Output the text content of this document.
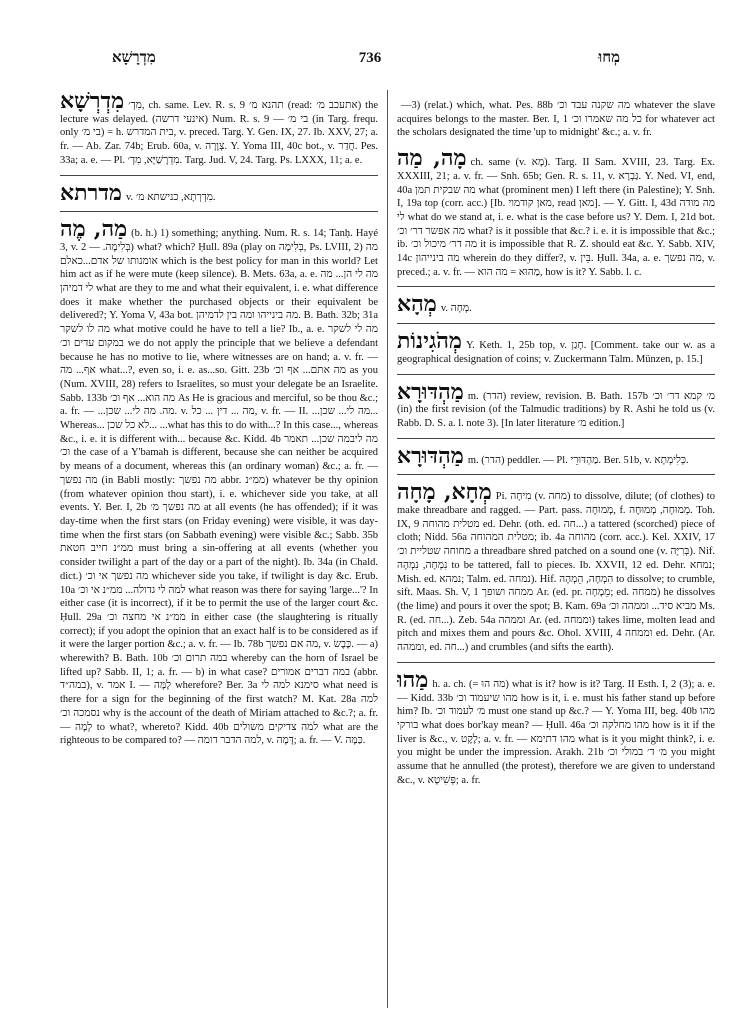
מִדְרָשָׁא	736	מְחוּ

מִדְרְשָׁא מִדְ׳, ch. same. Lev. R. s. 9 תהנא מ׳ (read: אתעכב מ׳) the lecture was delayed. (אינעי דרשה) Num. R. s. 9 — בי מ׳ (in Targ. frequ. only בי מ׳) = h. בית המדרש, v. preced. Targ. Y. Gen. IX, 27. Ib. XXV, 27; a. fr. — Ab. Zar. 74b; Erub. 60a, v. צְוָרָה. Y. Yoma III, 40c bot., v. חֲדַר. Pes. 33a; a. e. — Pl. מִדְרָשַׁיָּא, מִדְ׳. Targ. Jud. V, 24. Targ. Ps. LXXX, 11; a. e.

מדרתא v. מִדְרְתָא, כנישתא מ׳.

מַה, מֶה (b. h.) 1) something; anything. Num. R. s. 14; Tanḥ. Hayé 3, v. בְּלִימָה. — 2) what? which? Ḥull. 89a (play on בְּלִימָה, Ps. LVIII, 2) מה אומנותו של אדם...כאלם which is the best policy for man in this world? Let him act as if he were mute (keep silence). B. Mets. 63a, a. e. מה לי הן... מה לי דמיהן what are they to me and what their equivalent, i. e. what difference does it make whether the purchased objects or their equivalent be delivered?; Y. Yoma V, 43a bot. מה בינייהו ומה בין לדמיהן. B. Bath. 32b; 31a מה לו לשקר what motive could he have to tell a lie? Ib., a. e. מה לי לשקר במקום עדים וכ׳ we do not apply the principle that we believe a defendant because he has no motive to lie, where witnesses are on hand; a. v. fr. — אף... מה what...?, even so, i. e. as...so. Gitt. 23b מה אתם... אף וכ׳ as you (Num. XVIII, 28) refers to Israelites, so must your delegate be an Israelite. Sabb. 133b מה הוא... אף וכ׳ As He is gracious and merciful, so be thou &c.; a. fr. — ...מה. מה לי... שכן. v. מה ... דין ... כל, v. fr. — II. ...מה לי... שכן... Whereas... לא כל שכן... ...what has this to do with...? In this case..., whereas &c., i. e. it is different with... because &c. Kidd. 4b מה ליבמה שכן... תאמר וכ׳ the case of a Y'bamah is different, because she can neither be acquired by means of a document, whereas this (an ordinary woman) &c.; a. fr. — מה נפשך (in Babli mostly: מה נפשך abbr. ממ״נ) whatever be thy opinion (from whatever opinion thou start), i. e. whichever side you take, at all events. Y. Ber. I, 2b מה נפשך מ׳ at all events (he has offended); if it was day-time when the first stars (on Friday evening) were visible, it was day-time when the first stars (on Sabbath evening) were visible &c.; Sabb. 35b ממ״נ חייב חטאת must bring a sin-offering at all events (whether you consider twilight a part of the day or a part of the night). Ib. 34a (in Chald. dict.) מה נפשך אי וכ׳ whichever side you take, if twilight is day &c. Erub. 10a למה לי גדולה... ממ״נ אי וכ׳ what reason was there for saying 'large...'? In either case (it is incorrect), if it be to permit the use of the larger court &c. Ḥull. 29a ממ״נ אי מחצה וכ׳ in either case (the slaughtering is ritually correct); if you adopt the opinion that an exact half is to be considered as if it were the larger portion &c.; a. v. fr. — Ib. 78b מה אם נפשך, v. כֶּבֶשׂ. — a) wherewith? B. Bath. 10b במה תרום וכ׳ whereby can the horn of Israel be lifted up? Sabb. II, 1; a. fr. — b) in what case? במה דברים אמורים (abbr. במה״ד), v. אמר I. — לָמָּה wherefore? Ber. 3a סימנא למה לי what need is there for a sign for the beginning of the first watch? M. Kat. 28a למה נסמכה וכ׳ why is the account of the death of Miriam attached to &c.?; a. fr. — לְמָה to what?, whereto? Kidd. 40b למה צדיקים משולים what are the righteous to be compared to? — למה הדבר דומה, v. דָּמָה; a. fr. — V. כַּמָּה.

—3) (relat.) which, what. Pes. 88b מה שקנה עבד וכ׳ whatever the slave acquires belongs to the master. Ber. I, 1 כל מה שאמרו וכ׳ for whatever act the scholars designated the time 'up to midnight' &c.; a. v. fr.

מָה, מַה ch. same (v. מָא). Targ. II Sam. XVIII, 23. Targ. Ex. XXXIII, 21; a. v. fr. — Snh. 65b; Gen. R. s. 11, v. גַּבְרָא. Y. Ned. VI, end, 40a מה שבקית תמן what (prominent men) I left there (in Palestine); Y. Snh. I, 19a top (corr. acc.) [Ib. מאן קודמוי, read מאן]. — Y. Gitt. I, 43d מה מודה לי what do we stand at, i. e. what is the case before us? Y. Dem. I, 21d bot. מה אפשר דר׳ וכ׳ what? is it possible that &c.? i. e. it is impossible that &c.; ib. מה דר׳ מיכול וכ׳ it is impossible that R. Z. should eat &c. Y. Sabb. XIV, 14c מה בינייהון wherein do they differ?, v. בֵּין. Ḥull. 34a, a. e. מה נפשך, v. preced.; a. v. fr. — מַהוּא = מה הוא, how is it? Y. Sabb. l. c.

מְהָא v. מְחָה.

מְהֹגִינוֹת Y. Keth. 1, 25b top, v. חָגַן. [Comment. take our w. as a geographical designation of coins; v. Zuckermann Talm. Münzen, p. 15.]

מַהְדּוּרָא m. (הדר) review, revision. B. Bath. 157b מ׳ קמא דר׳ וכ׳ (in) the first revision (of the Talmudic traditions) by R. Ashi he told us (v. Rabb. D. S. a. l. note 3). [In later literature מ׳ edition.]

מַהְדּוּרָא m. (הדר) peddler. — Pl. מַהְדּוּרֵי. Ber. 51b, v. כְּלִימְתָא.

מְחָא, מָחָה Pi. מִיחָה (v. מחה) to dissolve, dilute; (of clothes) to make threadbare and ragged. — Part. pass. מְמוּחֶה, f. מְמוּחָה, מְמוּחֶה. Toh. IX, 9 מטלית מהוחה ed. Dehr. (oth. ed. חה...) a tattered (scorched) piece of cloth; Nidd. 56a מטלית המהוחה; ib. 4a מהוחה (corr. acc.). Kel. XXIV, 17 מחוחה שטליית וכ׳ a threadbare shred patched on a sound one (v. בְּרִיָּה). Nif. נִמְחָה, נִמְהָה to be tattered, fall to pieces. Ib. XXVII, 12 ed. Dehr. נמחא; Mish. ed. נמהא; Talm. ed. נמחה). Hif. הִמְחָה, הֵמְהָה to dissolve; to crumble, sift. Maas. Sh. V, 1 ממחה ושופך Ar. (ed. pr. מֵמָחָה; ed. ממחה) he dissolves (the lime) and pours it over the spot; B. Kam. 69a מביא סיד... וממהה וכ׳ Ms. R. (ed. חה...). Zeb. 54a וממהה Ar. (ed. וממחה) takes lime, molten lead and pitch and mixes them and pours &c. Ohol. XVIII, 4 וממחה ed. Dehr. (Ar. וממהה, ed. חה...) and crumbles (and sifts the earth).

מַהוּ h. a. ch. (= מה הוּ) what is it? how is it? Targ. II Esth. I, 2 (3); a. e. — Kidd. 33b מהו שיעמוד וכ׳ how is it, i. e. must his father stand up before him? Ib. מ׳ לעמוד וכ׳ must one stand up &c.? — Y. Yoma III, beg. 40b מהו בורקי what does bor'kay mean? — Ḥull. 46a מהו מחלקה וכ׳ how is it if the liver is &c., v. לֶקֶט; a. v. fr. — מהו דתימא what is it you might think?, i. e. you might be under the impression. Arakh. 21b מ׳ ד׳ במולי וכ׳ you might assume that he annulled (the protest), therefore we are given to understand &c., v. פְּשִׁיטָא; a. fr.
